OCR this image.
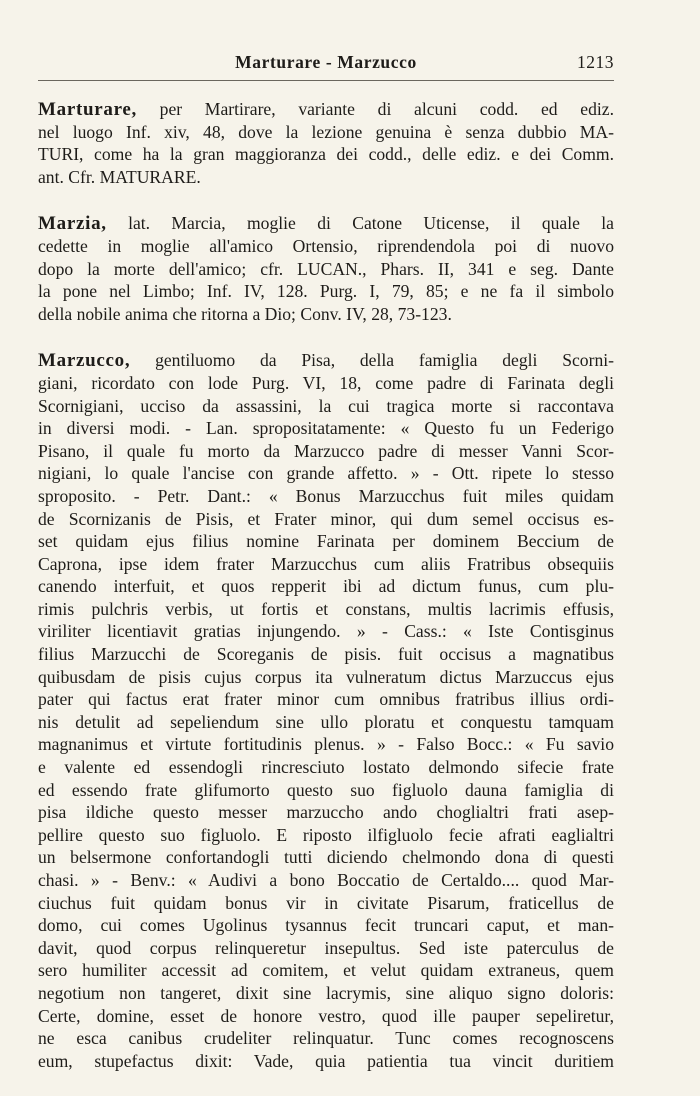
Marturare - Marzucco	1213
Marturare, per Martirare, variante di alcuni codd. ed ediz.
nel luogo Inf. xiv, 48, dove la lezione genuina è senza dubbio MA-
TURI, come ha la gran maggioranza dei codd., delle ediz. e dei Comm.
ant. Cfr. MATURARE.
Marzia, lat. Marcia, moglie di Catone Uticense, il quale la
cedette in moglie all'amico Ortensio, riprendendola poi di nuovo
dopo la morte dell'amico; cfr. LUCAN., Phars. II, 341 e seg. Dante
la pone nel Limbo; Inf. IV, 128. Purg. I, 79, 85; e ne fa il simbolo
della nobile anima che ritorna a Dio; Conv. IV, 28, 73-123.
Marzucco, gentiluomo da Pisa, della famiglia degli Scorni-
giani, ricordato con lode Purg. VI, 18, come padre di Farinata degli
Scornigiani, ucciso da assassini, la cui tragica morte si raccontava
in diversi modi. - Lan. spropositatamente: « Questo fu un Federigo
Pisano, il quale fu morto da Marzucco padre di messer Vanni Scor-
nigiani, lo quale l'ancise con grande affetto. » - Ott. ripete lo stesso
sproposito. - Petr. Dant.: « Bonus Marzucchus fuit miles quidam
de Scornizanis de Pisis, et Frater minor, qui dum semel occisus es-
set quidam ejus filius nomine Farinata per dominem Beccium de
Caprona, ipse idem frater Marzucchus cum aliis Fratribus obsequiis
canendo interfuit, et quos repperit ibi ad dictum funus, cum plu-
rimis pulchris verbis, ut fortis et constans, multis lacrimis effusis,
viriliter licentiavit gratias injungendo. » - Cass.: « Iste Contisginus
filius Marzucchi de Scoreganis de pisis. fuit occisus a magnatibus
quibusdam de pisis cujus corpus ita vulneratum dictus Marzuccus ejus
pater qui factus erat frater minor cum omnibus fratribus illius ordi-
nis detulit ad sepeliendum sine ullo ploratu et conquestu tamquam
magnanimus et virtute fortitudinis plenus. » - Falso Bocc.: « Fu savio
e valente ed essendogli rincresciuto lostato delmondo sifecie frate
ed essendo frate glifumorto questo suo figluolo dauna famiglia di
pisa ildiche questo messer marzuccho ando choglialtri frati asep-
pellire questo suo figluolo. E riposto ilfigluolo fecie afrati eaglialtri
un belsermone confortandogli tutti diciendo chelmondo dona di questi
chasi. » - Benv.: « Audivi a bono Boccatio de Certaldo.... quod Mar-
ciuchus fuit quidam bonus vir in civitate Pisarum, fraticellus de
domo, cui comes Ugolinus tysannus fecit truncari caput, et man-
davit, quod corpus relinqueretur insepultus. Sed iste paterculus de
sero humiliter accessit ad comitem, et velut quidam extraneus, quem
negotium non tangeret, dixit sine lacrymis, sine aliquo signo doloris:
Certe, domine, esset de honore vestro, quod ille pauper sepeliretur,
ne esca canibus crudeliter relinquatur. Tunc comes recognoscens
eum, stupefactus dixit: Vade, quia patientia tua vincit duritiem
